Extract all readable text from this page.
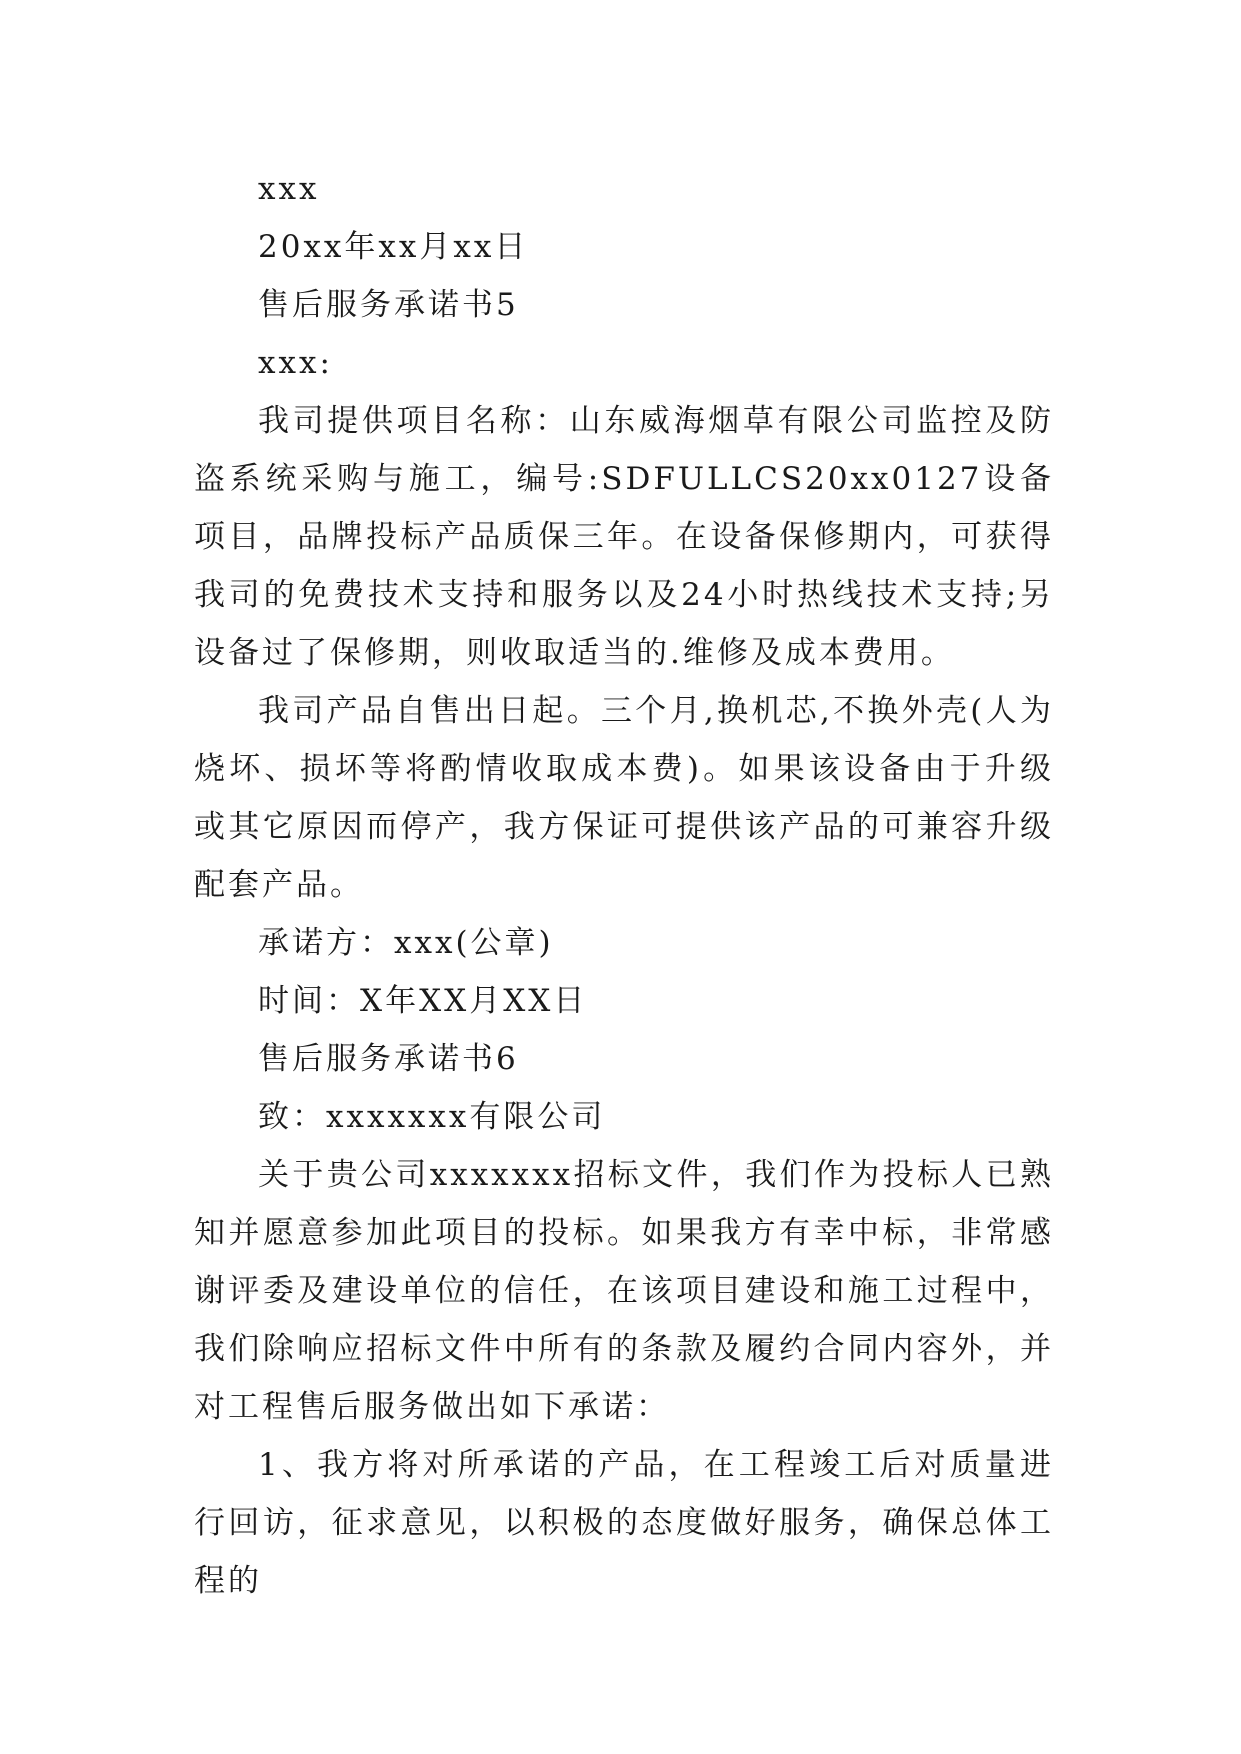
xxx

20xx年xx月xx日

售后服务承诺书5

xxx:

我司提供项目名称：山东威海烟草有限公司监控及防盗系统采购与施工，编号:SDFULLCS20xx0127设备项目，品牌投标产品质保三年。在设备保修期内，可获得我司的免费技术支持和服务以及24小时热线技术支持;另设备过了保修期，则收取适当的.维修及成本费用。

我司产品自售出日起。三个月,换机芯,不换外壳(人为烧坏、损坏等将酌情收取成本费)。如果该设备由于升级或其它原因而停产，我方保证可提供该产品的可兼容升级配套产品。

承诺方：xxx(公章)

时间：X年XX月XX日

售后服务承诺书6

致：xxxxxxx有限公司

关于贵公司xxxxxxx招标文件，我们作为投标人已熟知并愿意参加此项目的投标。如果我方有幸中标，非常感谢评委及建设单位的信任，在该项目建设和施工过程中，我们除响应招标文件中所有的条款及履约合同内容外，并对工程售后服务做出如下承诺：

1、我方将对所承诺的产品，在工程竣工后对质量进行回访，征求意见，以积极的态度做好服务，确保总体工程的
